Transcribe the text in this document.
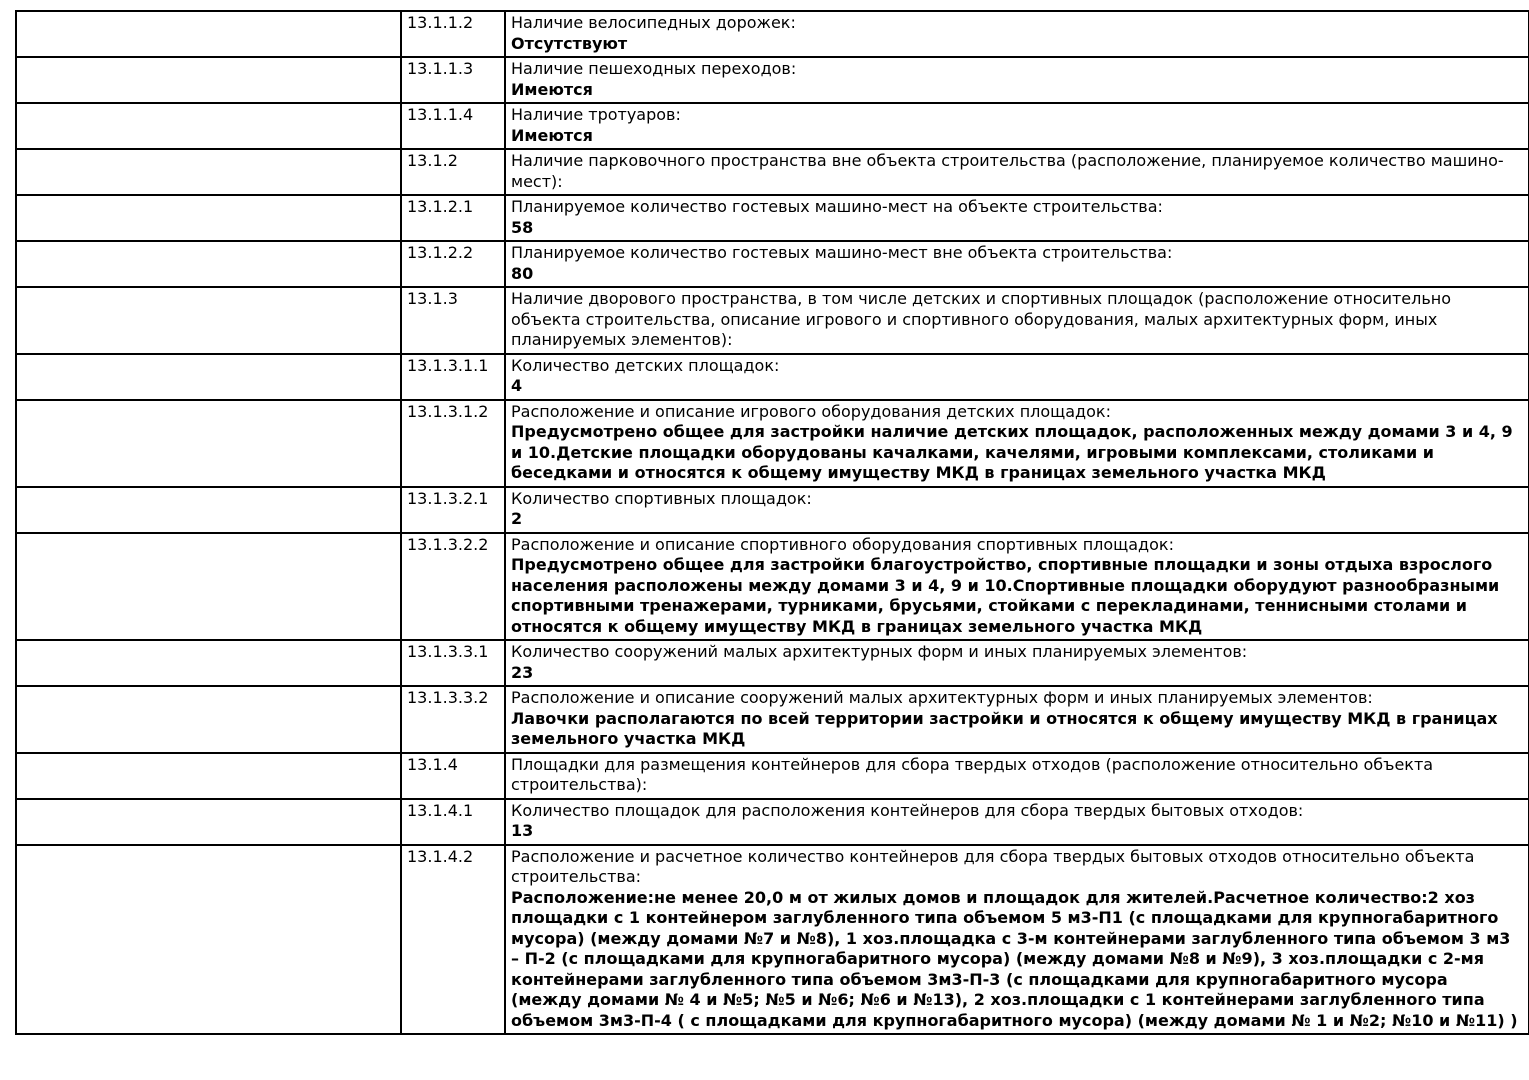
	13.1.1.2	Наличие велосипедных дорожек:
Отсутствуют

	13.1.1.3	Наличие пешеходных переходов:
Имеются

	13.1.1.4	Наличие тротуаров:
Имеются

	13.1.2	Наличие парковочного пространства вне объекта строительства (расположение, планируемое количество машино-мест):

	13.1.2.1	Планируемое количество гостевых машино-мест на объекте строительства:
58

	13.1.2.2	Планируемое количество гостевых машино-мест вне объекта строительства:
80

	13.1.3	Наличие дворового пространства, в том числе детских и спортивных площадок (расположение относительно объекта строительства, описание игрового и спортивного оборудования, малых архитектурных форм, иных планируемых элементов):

	13.1.3.1.1	Количество детских площадок:
4

	13.1.3.1.2	Расположение и описание игрового оборудования детских площадок:
Предусмотрено общее для застройки наличие детских площадок, расположенных между домами 3 и 4, 9 и 10.Детские площадки оборудованы качалками, качелями, игровыми комплексами, столиками и беседками и относятся к общему имуществу МКД в границах земельного участка МКД

	13.1.3.2.1	Количество спортивных площадок:
2

	13.1.3.2.2	Расположение и описание спортивного оборудования спортивных площадок:
Предусмотрено общее для застройки благоустройство, спортивные площадки и зоны отдыха взрослого населения расположены между домами 3 и 4, 9 и 10.Спортивные площадки оборудуют разнообразными спортивными тренажерами, турниками, брусьями, стойками с перекладинами, теннисными столами и относятся к общему имуществу МКД в границах земельного участка МКД

	13.1.3.3.1	Количество сооружений малых архитектурных форм и иных планируемых элементов:
23

	13.1.3.3.2	Расположение и описание сооружений малых архитектурных форм и иных планируемых элементов:
Лавочки располагаются по всей территории застройки и относятся к общему имуществу МКД в границах земельного участка МКД

	13.1.4	Площадки для размещения контейнеров для сбора твердых отходов (расположение относительно объекта строительства):

	13.1.4.1	Количество площадок для расположения контейнеров для сбора твердых бытовых отходов:
13

	13.1.4.2	Расположение и расчетное количество контейнеров для сбора твердых бытовых отходов относительно объекта строительства:
Расположение:не менее 20,0 м от жилых домов и площадок для жителей.Расчетное количество:2 хоз площадки с 1 контейнером заглубленного типа объемом 5 м3-П1 (с площадками для крупногабаритного мусора) (между домами №7 и №8), 1 хоз.площадка с 3-м контейнерами заглубленного типа объемом 3 м3 – П-2 (с площадками для крупногабаритного мусора) (между домами №8 и №9), 3 хоз.площадки с 2-мя контейнерами заглубленного типа объемом 3м3-П-3 (с площадками для крупногабаритного мусора (между домами № 4 и №5; №5 и №6; №6 и №13), 2 хоз.площадки с 1 контейнерами заглубленного типа объемом 3м3-П-4 ( с площадками для крупногабаритного мусора) (между домами № 1 и №2; №10 и №11) )
